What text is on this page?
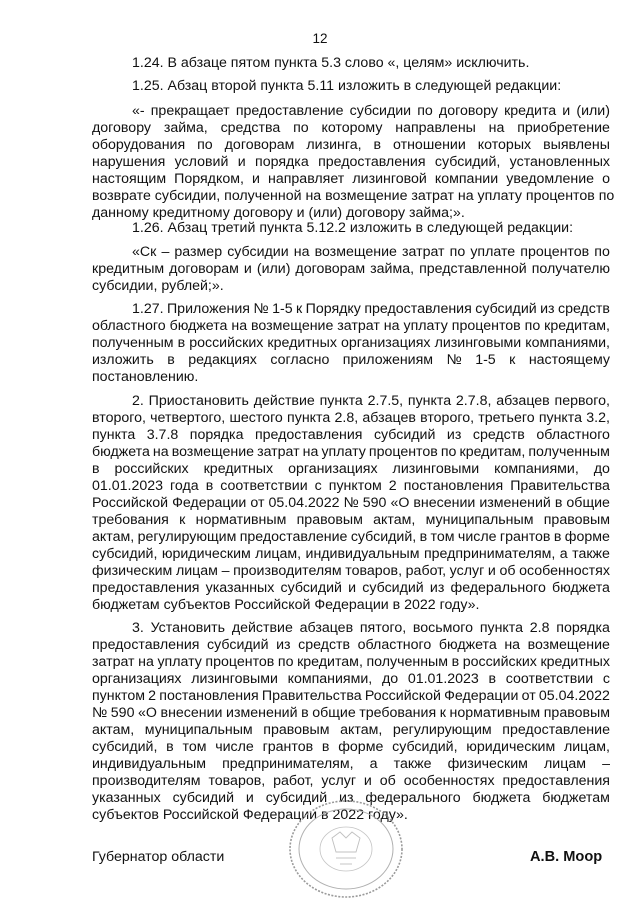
12
1.24. В абзаце пятом пункта 5.3 слово «, целям» исключить.
1.25. Абзац второй пункта 5.11 изложить в следующей редакции:
«- прекращает предоставление субсидии по договору кредита и (или)
договору займа, средства по которому направлены на приобретение
оборудования по договорам лизинга, в отношении которых выявлены
нарушения условий и порядка предоставления субсидий, установленных
настоящим Порядком, и направляет лизинговой компании уведомление о
возврате субсидии, полученной на возмещение затрат на уплату процентов по
данному кредитному договору и (или) договору займа;».
1.26. Абзац третий пункта 5.12.2 изложить в следующей редакции:
«Ск – размер субсидии на возмещение затрат по уплате процентов по
кредитным договорам и (или) договорам займа, представленной получателю
субсидии, рублей;».
1.27. Приложения № 1-5 к Порядку предоставления субсидий из средств
областного бюджета на возмещение затрат на уплату процентов по кредитам,
полученным в российских кредитных организациях лизинговыми компаниями,
изложить в редакциях согласно приложениям № 1-5 к настоящему
постановлению.
2. Приостановить действие пункта 2.7.5, пункта 2.7.8, абзацев первого,
второго, четвертого, шестого пункта 2.8, абзацев второго, третьего пункта 3.2,
пункта 3.7.8 порядка предоставления субсидий из средств областного
бюджета на возмещение затрат на уплату процентов по кредитам, полученным
в российских кредитных организациях лизинговыми компаниями, до
01.01.2023 года в соответствии с пунктом 2 постановления Правительства
Российской Федерации от 05.04.2022 № 590 «О внесении изменений в общие
требования к нормативным правовым актам, муниципальным правовым
актам, регулирующим предоставление субсидий, в том числе грантов в форме
субсидий, юридическим лицам, индивидуальным предпринимателям, а также
физическим лицам – производителям товаров, работ, услуг и об особенностях
предоставления указанных субсидий и субсидий из федерального бюджета
бюджетам субъектов Российской Федерации в 2022 году».
3. Установить действие абзацев пятого, восьмого пункта 2.8 порядка
предоставления субсидий из средств областного бюджета на возмещение
затрат на уплату процентов по кредитам, полученным в российских кредитных
организациях лизинговыми компаниями, до 01.01.2023 в соответствии с
пунктом 2 постановления Правительства Российской Федерации от 05.04.2022
№ 590 «О внесении изменений в общие требования к нормативным правовым
актам, муниципальным правовым актам, регулирующим предоставление
субсидий, в том числе грантов в форме субсидий, юридическим лицам,
индивидуальным предпринимателям, а также физическим лицам –
производителям товаров, работ, услуг и об особенностях предоставления
указанных субсидий и субсидий из федерального бюджета бюджетам
субъектов Российской Федерации в 2022 году».
Губернатор области	А.В. Моор
